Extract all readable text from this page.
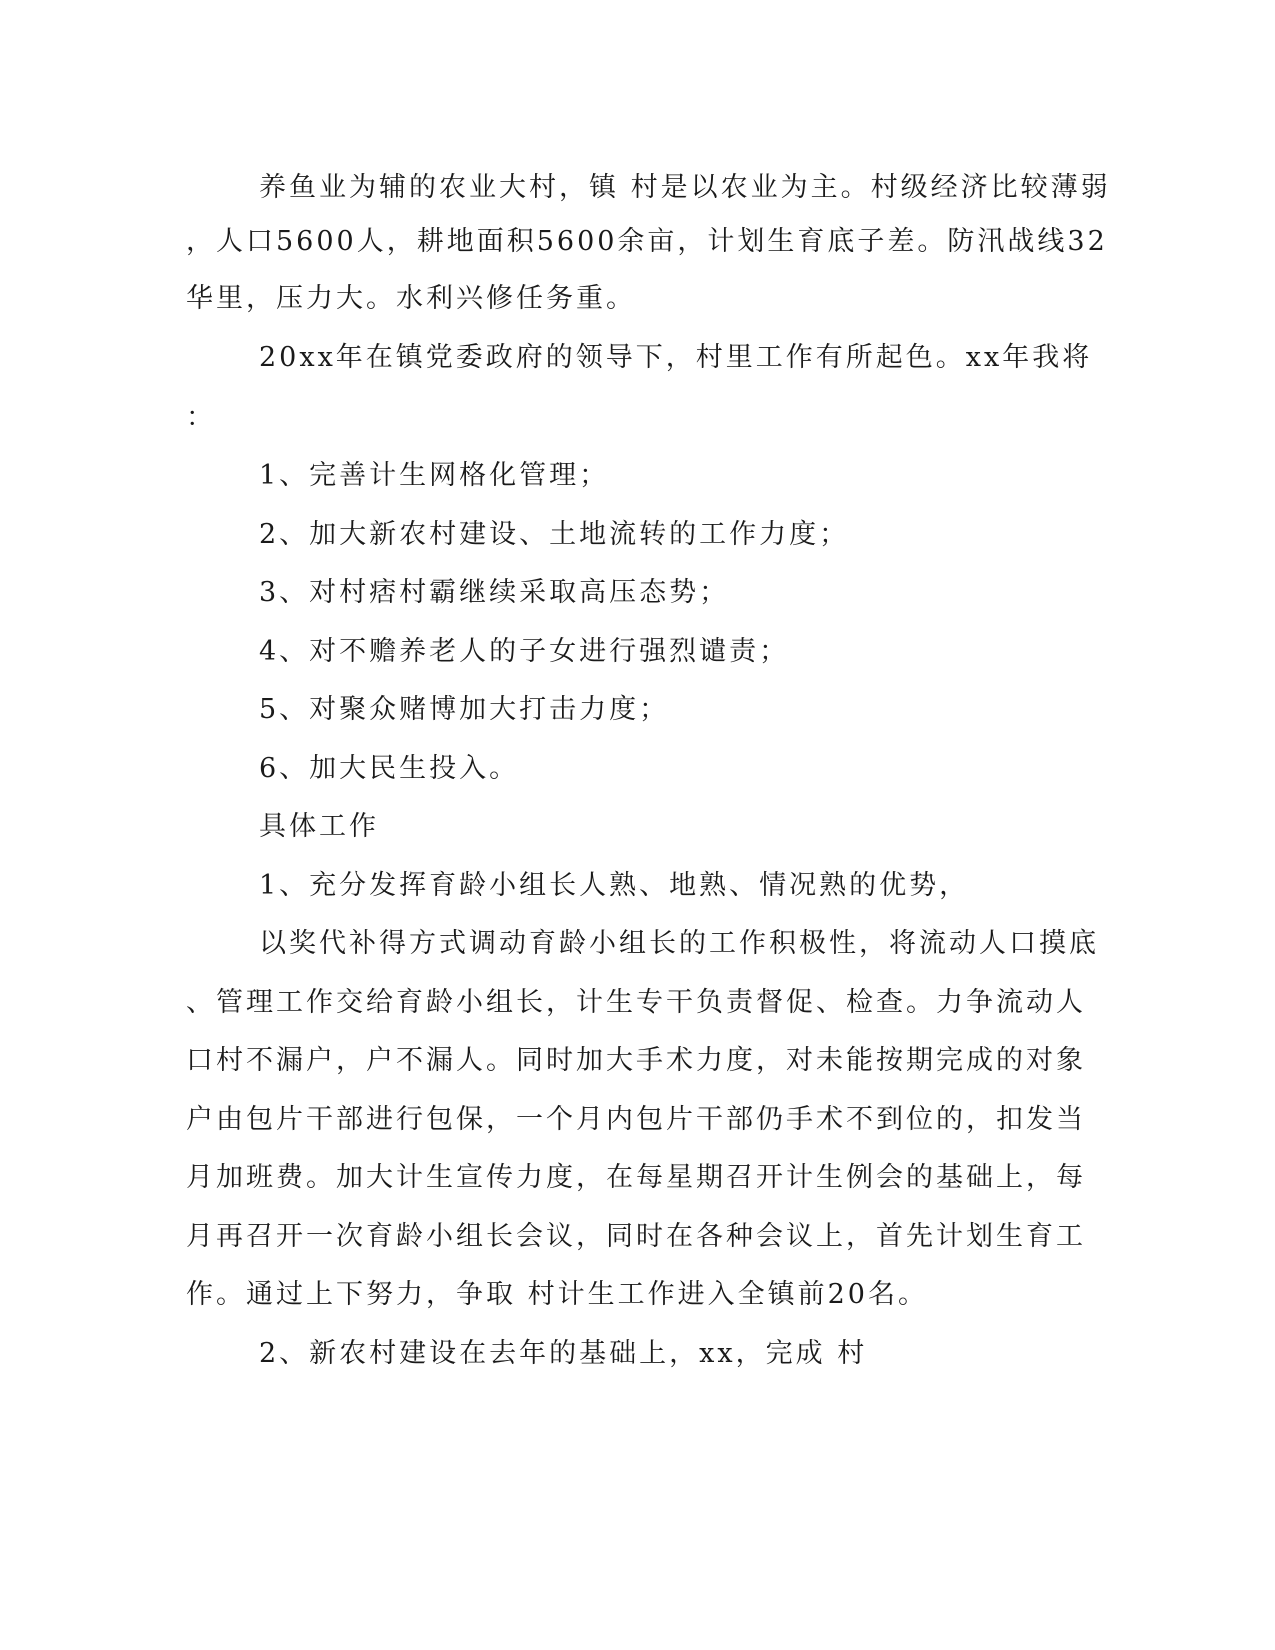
养鱼业为辅的农业大村，镇 村是以农业为主。村级经济比较薄弱
，人口5600人，耕地面积5600余亩，计划生育底子差。防汛战线32
华里，压力大。水利兴修任务重。
20xx年在镇党委政府的领导下，村里工作有所起色。xx年我将
：
1、完善计生网格化管理；
2、加大新农村建设、土地流转的工作力度；
3、对村痞村霸继续采取高压态势；
4、对不赡养老人的子女进行强烈谴责；
5、对聚众赌博加大打击力度；
6、加大民生投入。
具体工作
1、充分发挥育龄小组长人熟、地熟、情况熟的优势，
以奖代补得方式调动育龄小组长的工作积极性，将流动人口摸底
、管理工作交给育龄小组长，计生专干负责督促、检查。力争流动人
口村不漏户，户不漏人。同时加大手术力度，对未能按期完成的对象
户由包片干部进行包保，一个月内包片干部仍手术不到位的，扣发当
月加班费。加大计生宣传力度，在每星期召开计生例会的基础上，每
月再召开一次育龄小组长会议，同时在各种会议上，首先计划生育工
作。通过上下努力，争取 村计生工作进入全镇前20名。
2、新农村建设在去年的基础上，xx，完成 村
